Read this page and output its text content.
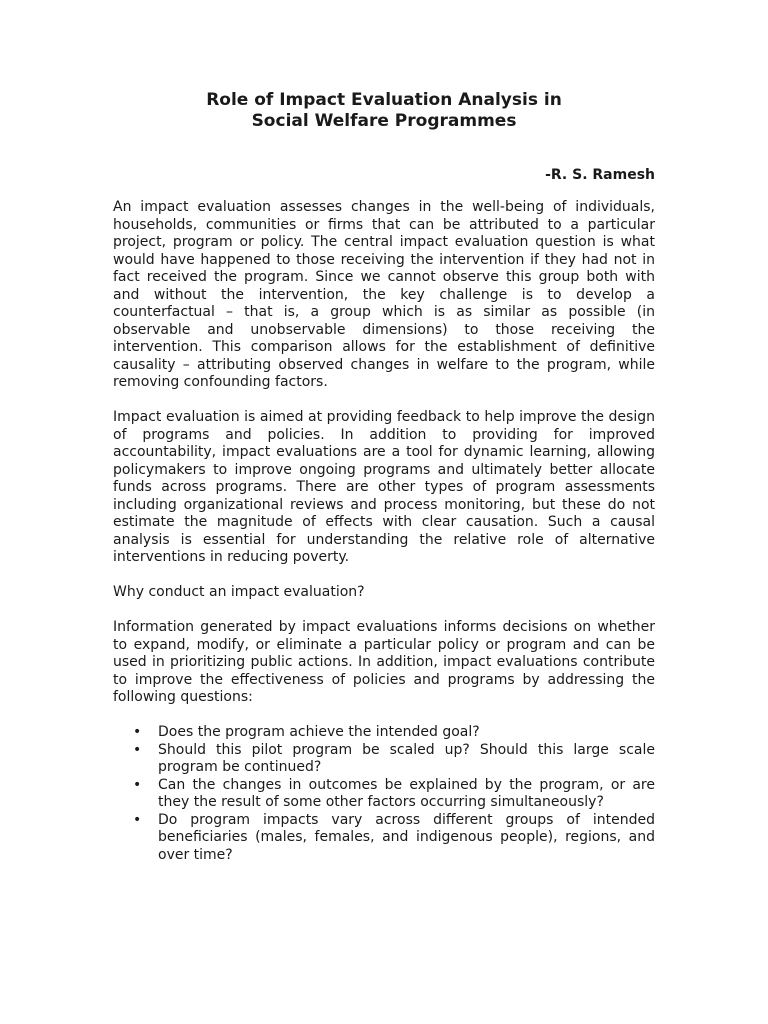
Role of Impact Evaluation Analysis in
Social Welfare Programmes
-R. S. Ramesh

An impact evaluation assesses changes in the well-being of individuals, households, communities or firms that can be attributed to a particular project, program or policy. The central impact evaluation question is what would have happened to those receiving the intervention if they had not in fact received the program. Since we cannot observe this group both with and without the intervention, the key challenge is to develop a counterfactual – that is, a group which is as similar as possible (in observable and unobservable dimensions) to those receiving the intervention. This comparison allows for the establishment of definitive causality – attributing observed changes in welfare to the program, while removing confounding factors.

Impact evaluation is aimed at providing feedback to help improve the design of programs and policies. In addition to providing for improved accountability, impact evaluations are a tool for dynamic learning, allowing policymakers to improve ongoing programs and ultimately better allocate funds across programs. There are other types of program assessments including organizational reviews and process monitoring, but these do not estimate the magnitude of effects with clear causation. Such a causal analysis is essential for understanding the relative role of alternative interventions in reducing poverty.

Why conduct an impact evaluation?

Information generated by impact evaluations informs decisions on whether to expand, modify, or eliminate a particular policy or program and can be used in prioritizing public actions. In addition, impact evaluations contribute to improve the effectiveness of policies and programs by addressing the following questions:

• Does the program achieve the intended goal?
• Should this pilot program be scaled up? Should this large scale program be continued?
• Can the changes in outcomes be explained by the program, or are they the result of some other factors occurring simultaneously?
• Do program impacts vary across different groups of intended beneficiaries (males, females, and indigenous people), regions, and over time?
